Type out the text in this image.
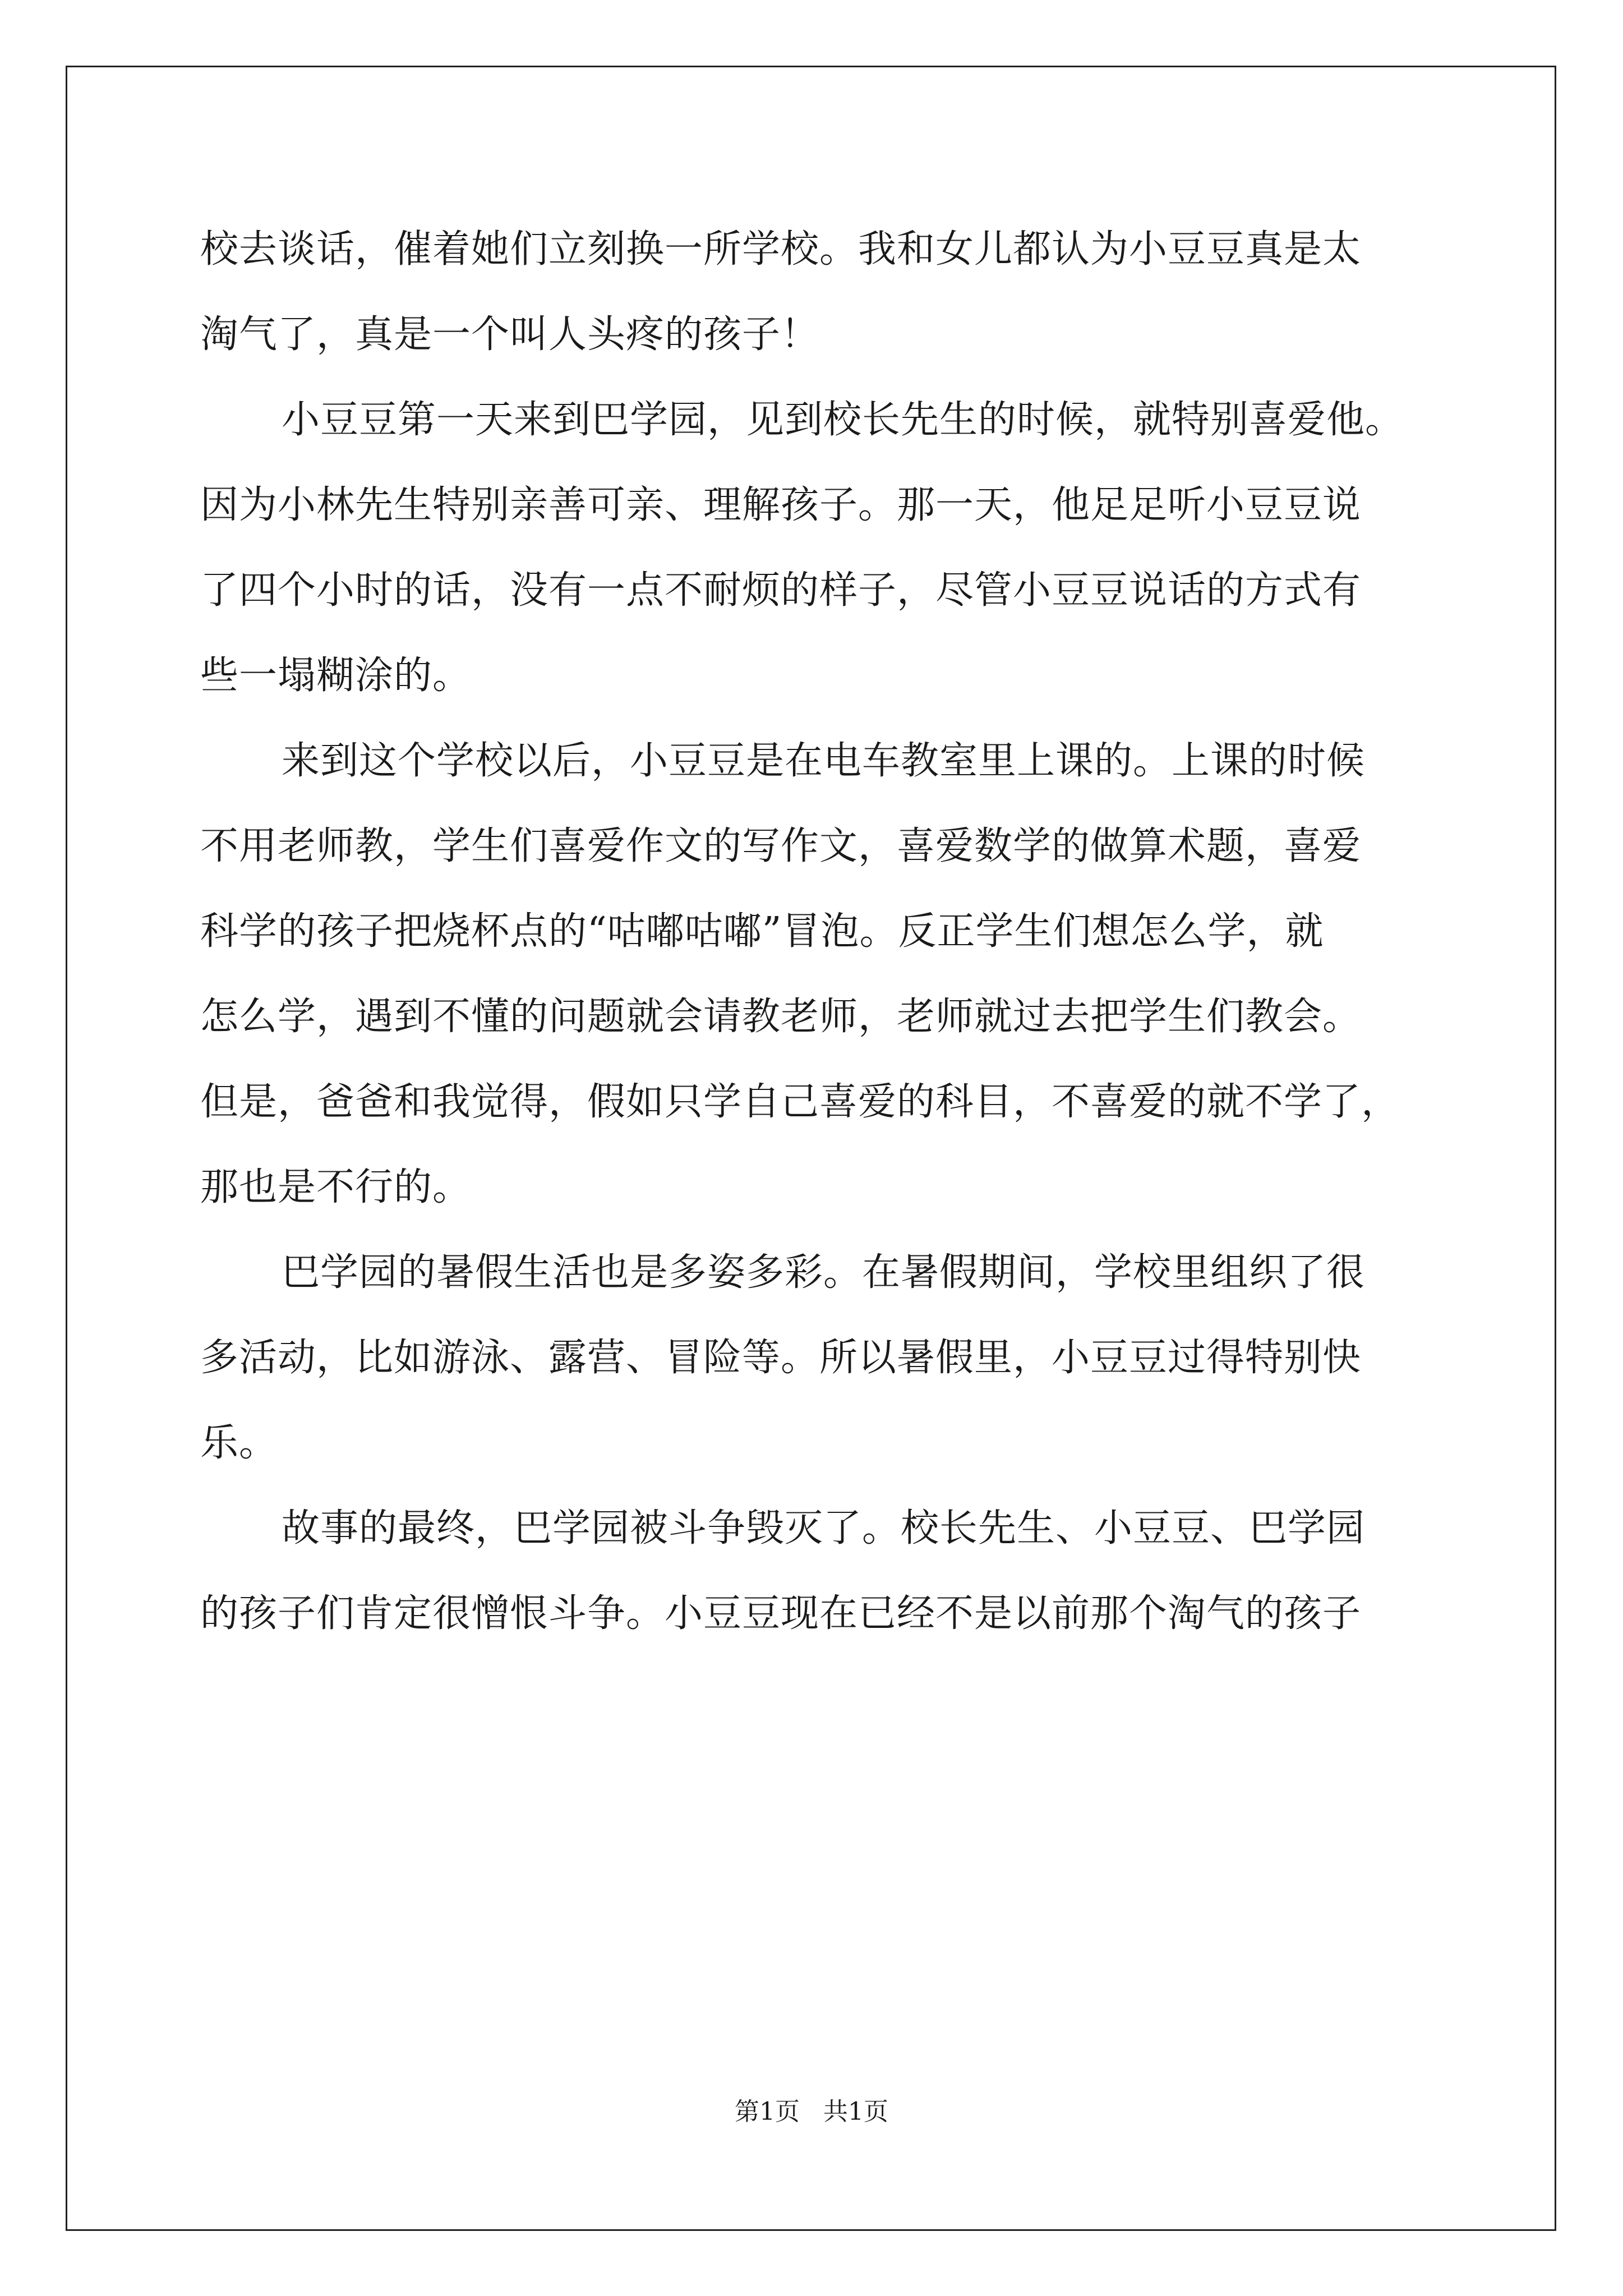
校去谈话，催着她们立刻换一所学校。我和女儿都认为小豆豆真是太
淘气了，真是一个叫人头疼的孩子！
小豆豆第一天来到巴学园，见到校长先生的时候，就特别喜爱他。
因为小林先生特别亲善可亲、理解孩子。那一天，他足足听小豆豆说
了四个小时的话，没有一点不耐烦的样子，尽管小豆豆说话的方式有
些一塌糊涂的。
来到这个学校以后，小豆豆是在电车教室里上课的。上课的时候
不用老师教，学生们喜爱作文的写作文，喜爱数学的做算术题，喜爱
科学的孩子把烧杯点的“咕嘟咕嘟”冒泡。反正学生们想怎么学，就
怎么学，遇到不懂的问题就会请教老师，老师就过去把学生们教会。
但是，爸爸和我觉得，假如只学自己喜爱的科目，不喜爱的就不学了，
那也是不行的。
巴学园的暑假生活也是多姿多彩。在暑假期间，学校里组织了很
多活动，比如游泳、露营、冒险等。所以暑假里，小豆豆过得特别快
乐。
故事的最终，巴学园被斗争毁灭了。校长先生、小豆豆、巴学园
的孩子们肯定很憎恨斗争。小豆豆现在已经不是以前那个淘气的孩子
第1页 共1页
